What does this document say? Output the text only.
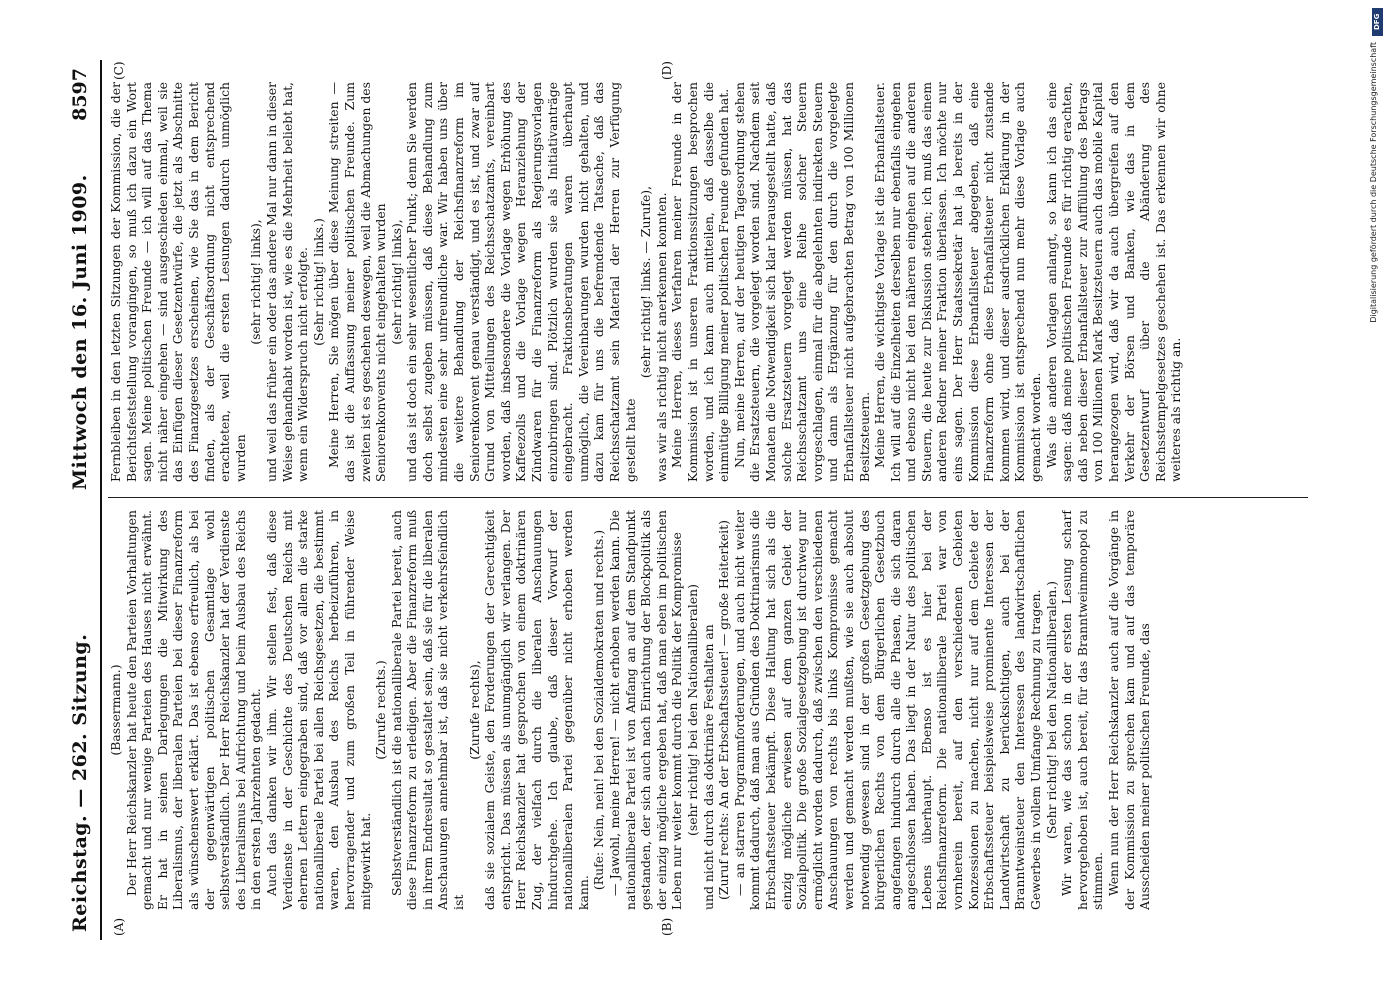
Reichstag. — 262. Sitzung.
Mittwoch den 16. Juni 1909.
8597
(A)	(B)
(C)	(D)

(Bassermann.) Der Herr Reichskanzler hat heute den Parteien Vorhaltungen gemacht und nur wenige Parteien des Hauses nicht erwähnt. Er hat in seinen Darlegungen die Mitwirkung des Liberalismus, der liberalen Parteien bei dieser Finanzreform als wünschenswert erklärt. Das ist ebenso erfreulich, als bei der gegenwärtigen politischen Gesamtlage wohl selbstverständlich. Der Herr Reichskanzler hat der Verdienste des Liberalismus bei Aufrichtung und beim Ausbau des Reichs in den ersten Jahrzehnten gedacht. Auch das danken wir ihm. Wir stellen fest, daß diese Verdienste in der Geschichte des Deutschen Reichs mit ehernen Lettern eingegraben sind, daß vor allem die starke nationalliberale Partei bei allen Reichsgesetzen, die bestimmt waren, den Ausbau des Reichs herbeizuführen, in hervorragender und zum großen Teil in führender Weise mitgewirkt hat.

(Zurufe rechts.) Selbstverständlich ist die nationalliberale Partei bereit, auch diese Finanzreform zu erledigen. Aber die Finanzreform muß in ihrem Endresultat so gestaltet sein, daß sie für die liberalen Anschauungen annehmbar ist, daß sie nicht verkehrsfeindlich ist

(Zurufe rechts), daß sie sozialem Geiste, den Forderungen der Gerechtigkeit entspricht. Das müssen als unumgänglich wir verlangen. Der Herr Reichskanzler hat gesprochen von einem doktrinären Zug, der vielfach durch die liberalen Anschauungen hindurchgehe. Ich glaube, daß dieser Vorwurf der nationalliberalen Partei gegenüber nicht erhoben werden kann.

(Rufe: Nein, nein! bei den Sozialdemokraten und rechts.) — Jawohl, meine Herren! — nicht erhoben werden kann. Die nationalliberale Partei ist von Anfang an auf dem Standpunkt gestanden, der sich auch nach Einrichtung der Blockpolitik als der einzig mögliche ergeben hat, daß man eben im politischen Leben nur weiter kommt durch die Politik der Kompromisse (sehr richtig! bei den Nationalliberalen) und nicht durch das doktrinäre Festhalten an (Zuruf rechts: An der Erbschaftssteuer! — große Heiterkeit) — an starren Programmforderungen, und auch nicht weiter kommt dadurch, daß man aus Gründen des Doktrinarismus die Erbschaftssteuer bekämpft. Diese Haltung hat sich als die einzig mögliche erwiesen auf dem ganzen Gebiet der Sozialpolitik. Die große Sozialgesetzgebung ist durchweg nur ermöglicht worden dadurch, daß zwischen den verschiedenen Anschauungen von rechts bis links Kompromisse gemacht werden und gemacht werden mußten, wie sie auch absolut notwendig gewesen sind in der großen Gesetzgebung des bürgerlichen Rechts von dem Bürgerlichen Gesetzbuch angefangen hindurch durch alle die Phasen, die sich daran angeschlossen haben. Das liegt in der Natur des politischen Lebens überhaupt. Ebenso ist es hier bei der Reichsfinanzreform. Die nationalliberale Partei war von vornherein bereit, auf den verschiedenen Gebieten Konzessionen zu machen, nicht nur auf dem Gebiete der Erbschaftssteuer beispielsweise prominente Interessen der Landwirtschaft zu berücksichtigen, auch bei der Branntweinsteuer den Interessen des landwirtschaftlichen Gewerbes in vollem Umfange Rechnung zu tragen. (Sehr richtig! bei den Nationalliberalen.) Wir waren, wie das schon in der ersten Lesung scharf hervorgehoben ist, auch bereit, für das Branntweinmonopol zu stimmen. Wenn nun der Herr Reichskanzler auch auf die Vorgänge in der Kommission zu sprechen kam und auf das temporäre Ausscheiden meiner politischen Freunde, das

Fernbleiben in den letzten Sitzungen der Kommission, die der Berichtsfeststellung vorangingen, so muß ich dazu ein Wort sagen. Meine politischen Freunde — ich will auf das Thema nicht näher eingehen — sind ausgeschieden einmal, weil sie das Einfügen dieser Gesetzentwürfe, die jetzt als Abschnitte des Finanzgesetzes erscheinen, wie Sie das in dem Bericht finden, als der Geschäftsordnung nicht entsprechend erachteten, weil die ersten Lesungen dadurch unmöglich wurden

(sehr richtig! links), und weil das früher ein oder das andere Mal nur dann in dieser Weise gehandhabt worden ist, wie es die Mehrheit beliebt hat, wenn ein Widerspruch nicht erfolgte. (Sehr richtig! links.) Meine Herren, Sie mögen über diese Meinung streiten — das ist die Auffassung meiner politischen Freunde. Zum zweiten ist es geschehen deswegen, weil die Abmachungen des Seniorenkonvents nicht eingehalten wurden (sehr richtig! links), und das ist doch ein sehr wesentlicher Punkt; denn Sie werden doch selbst zugeben müssen, daß diese Behandlung zum mindesten eine sehr unfreundliche war. Wir haben uns über die weitere Behandlung der Reichsfinanzreform im Seniorenkonvent genau verständigt, und es ist, und zwar auf Grund von Mitteilungen des Reichsschatzamts, vereinbart worden, daß insbesondere die Vorlage wegen Erhöhung des Kaffeezolls und die Vorlage wegen Heranziehung der Zündwaren für die Finanzreform als Regierungsvorlagen einzubringen sind. Plötzlich wurden sie als Initiativanträge eingebracht. Fraktionsberatungen waren überhaupt unmöglich, die Vereinbarungen wurden nicht gehalten, und dazu kam für uns die befremdende Tatsache, daß das Reichsschatzamt sein Material der Herren zur Verfügung gestellt hatte

(sehr richtig! links. — Zurufe), was wir als richtig nicht anerkennen konnten. Meine Herren, dieses Verfahren meiner Freunde in der Kommission ist in unseren Fraktionssitzungen besprochen worden, und ich kann auch mitteilen, daß dasselbe die einmütige Billigung meiner politischen Freunde gefunden hat. Nun, meine Herren, auf der heutigen Tagesordnung stehen die Ersatzsteuern, die vorgelegt worden sind. Nachdem seit Monaten die Notwendigkeit sich klar herausgestellt hatte, daß solche Ersatzsteuern vorgelegt werden müssen, hat das Reichsschatzamt uns eine Reihe solcher Steuern vorgeschlagen, einmal für die abgelehnten indirekten Steuern und dann als Ergänzung für den durch die vorgelegte Erbanfallsteuer nicht aufgebrachten Betrag von 100 Millionen Besitzsteuern. Meine Herren, die wichtigste Vorlage ist die Erbanfallsteuer. Ich will auf die Einzelheiten derselben nur ebenfalls eingehen und ebenso nicht bei den näheren eingehen auf die anderen Steuern, die heute zur Diskussion stehen; ich muß das einem anderen Redner meiner Fraktion überlassen. Ich möchte nur eins sagen. Der Herr Staatssekretär hat ja bereits in der Kommission diese Erbanfallsteuer abgegeben, daß eine Finanzreform ohne diese Erbanfallsteuer nicht zustande kommen wird, und dieser ausdrücklichen Erklärung in der Kommission ist entsprechend nun mehr diese Vorlage auch gemacht worden. Was die anderen Vorlagen anlangt, so kann ich das eine sagen: daß meine politischen Freunde es für richtig erachten, daß neben dieser Erbanfallsteuer zur Auffüllung des Betrags von 100 Millionen Mark Besitzsteuern auch das mobile Kapital herangezogen wird, daß wir da auch übergreifen auf den Verkehr der Börsen und Banken, wie das in dem Gesetzentwurf über die Abänderung des Reichsstempelgesetzes geschehen ist. Das erkennen wir ohne weiteres als richtig an.

DFG
Digitalisierung gefördert durch die Deutsche Forschungsgemeinschaft
